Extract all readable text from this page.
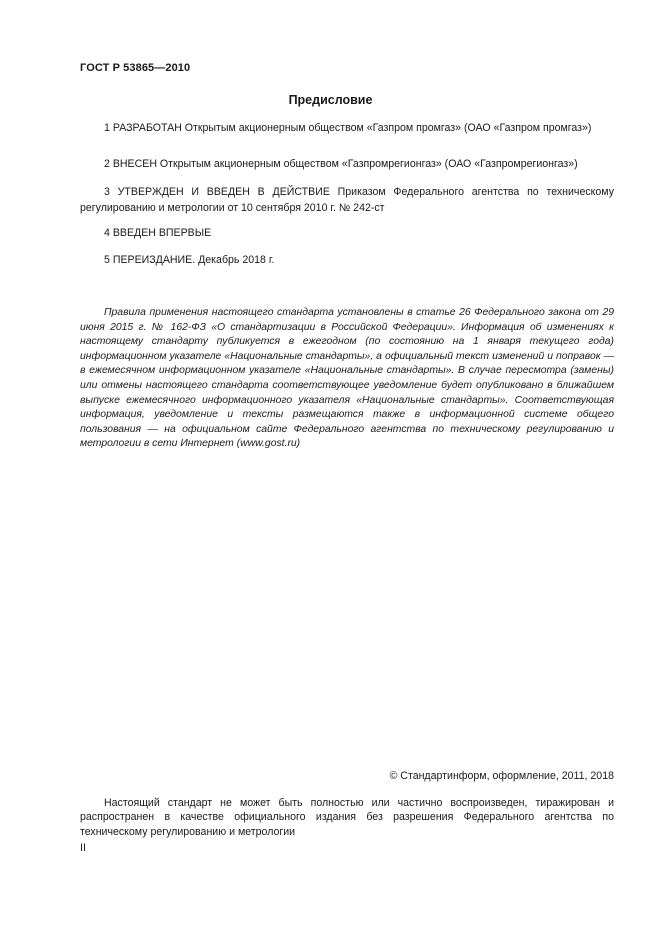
ГОСТ Р 53865—2010
Предисловие

1 РАЗРАБОТАН Открытым акционерным обществом «Газпром промгаз» (ОАО «Газпром промгаз»)

2 ВНЕСЕН Открытым акционерным обществом «Газпромрегионгаз» (ОАО «Газпромрегионгаз»)

3 УТВЕРЖДЕН И ВВЕДЕН В ДЕЙСТВИЕ Приказом Федерального агентства по техническому регулированию и метрологии от 10 сентября 2010 г. № 242-ст

4 ВВЕДЕН ВПЕРВЫЕ

5 ПЕРЕИЗДАНИЕ. Декабрь 2018 г.

Правила применения настоящего стандарта установлены в статье 26 Федерального закона от 29 июня 2015 г. № 162-ФЗ «О стандартизации в Российской Федерации». Информация об изменениях к настоящему стандарту публикуется в ежегодном (по состоянию на 1 января текущего года) информационном указателе «Национальные стандарты», а официальный текст изменений и поправок — в ежемесячном информационном указателе «Национальные стандарты». В случае пересмотра (замены) или отмены настоящего стандарта соответствующее уведомление будет опубликовано в ближайшем выпуске ежемесячного информационного указателя «Национальные стандарты». Соответствующая информация, уведомление и тексты размещаются также в информационной системе общего пользования — на официальном сайте Федерального агентства по техническому регулированию и метрологии в сети Интернет (www.gost.ru)

© Стандартинформ, оформление, 2011, 2018

Настоящий стандарт не может быть полностью или частично воспроизведен, тиражирован и распространен в качестве официального издания без разрешения Федерального агентства по техническому регулированию и метрологии

II
